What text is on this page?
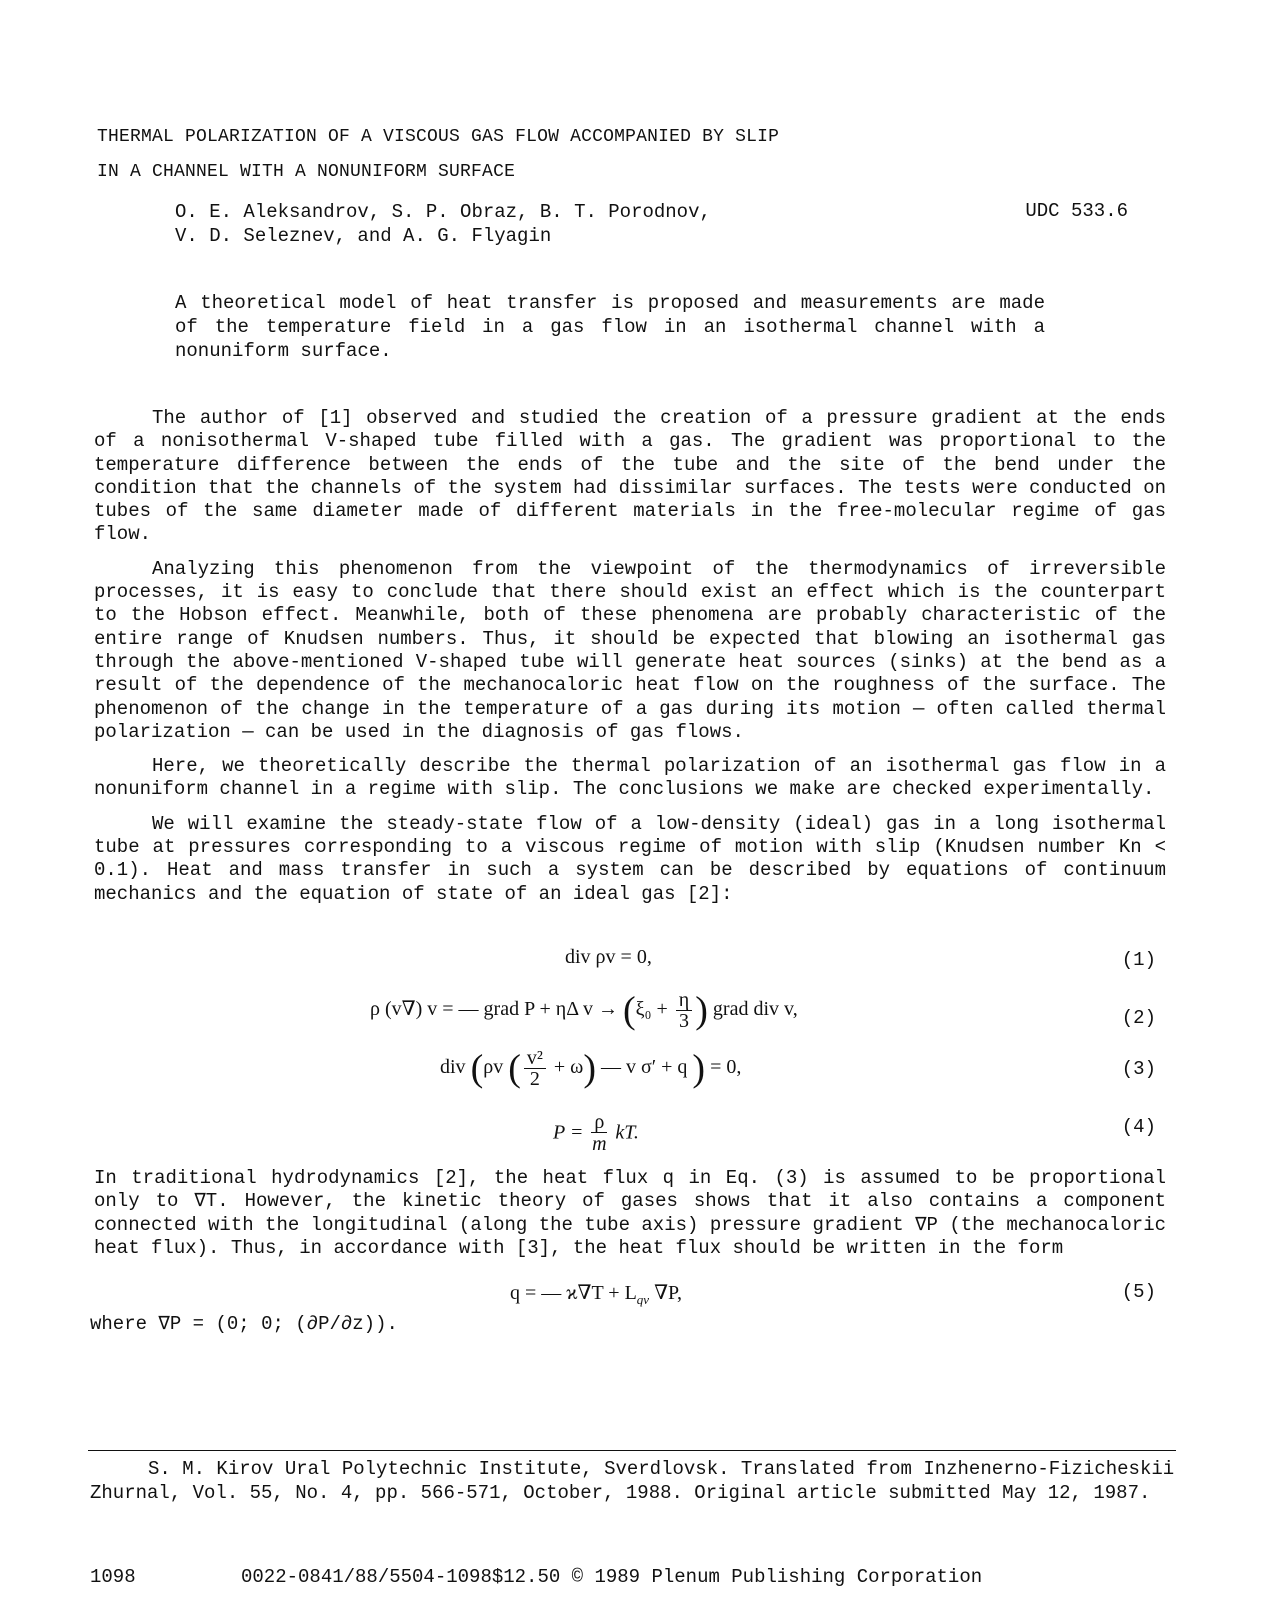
THERMAL POLARIZATION OF A VISCOUS GAS FLOW ACCOMPANIED BY SLIP
IN A CHANNEL WITH A NONUNIFORM SURFACE
O. E. Aleksandrov, S. P. Obraz, B. T. Porodnov,
V. D. Seleznev, and A. G. Flyagin
UDC 533.6
A theoretical model of heat transfer is proposed and measurements are made of the temperature field in a gas flow in an isothermal channel with a nonuniform surface.

The author of [1] observed and studied the creation of a pressure gradient at the ends of a nonisothermal V-shaped tube filled with a gas. The gradient was proportional to the temperature difference between the ends of the tube and the site of the bend under the condition that the channels of the system had dissimilar surfaces. The tests were conducted on tubes of the same diameter made of different materials in the free-molecular regime of gas flow.

Analyzing this phenomenon from the viewpoint of the thermodynamics of irreversible processes, it is easy to conclude that there should exist an effect which is the counterpart to the Hobson effect. Meanwhile, both of these phenomena are probably characteristic of the entire range of Knudsen numbers. Thus, it should be expected that blowing an isothermal gas through the above-mentioned V-shaped tube will generate heat sources (sinks) at the bend as a result of the dependence of the mechanocaloric heat flow on the roughness of the surface. The phenomenon of the change in the temperature of a gas during its motion — often called thermal polarization — can be used in the diagnosis of gas flows.

Here, we theoretically describe the thermal polarization of an isothermal gas flow in a nonuniform channel in a regime with slip. The conclusions we make are checked experimentally.

We will examine the steady-state flow of a low-density (ideal) gas in a long isothermal tube at pressures corresponding to a viscous regime of motion with slip (Knudsen number Kn < 0.1). Heat and mass transfer in such a system can be described by equations of continuum mechanics and the equation of state of an ideal gas [2]:

div ρv = 0,	(1)
ρ (v∇) v = — grad P + ηΔ $v \to (\xi_0 + \frac{\eta}{3}$ ) grad div v,	(2)
div (ρv ( $\frac{\text{v²}}{2} + \omega$) — v σ′ + q ) = 0,	(3)
$P = \frac{\rho}{m}$ kT.	(4)
In traditional hydrodynamics [2], the heat flux q in Eq. (3) is assumed to be proportional only to ∇T. However, the kinetic theory of gases shows that it also contains a component connected with the longitudinal (along the tube axis) pressure gradient ∇P (the mechanocaloric heat flux). Thus, in accordance with [3], the heat flux should be written in the form
q = — $ϰ\nabla T + L_{qv}$ ∇P,	(5)
where ∇P = (0; 0; (∂P/∂z)).
S. M. Kirov Ural Polytechnic Institute, Sverdlovsk. Translated from Inzhenerno-Fizicheskii Zhurnal, Vol. 55, No. 4, pp. 566-571, October, 1988. Original article submitted May 12, 1987.
1098	0022-0841/88/5504-1098$12.50 © 1989 Plenum Publishing Corporation
